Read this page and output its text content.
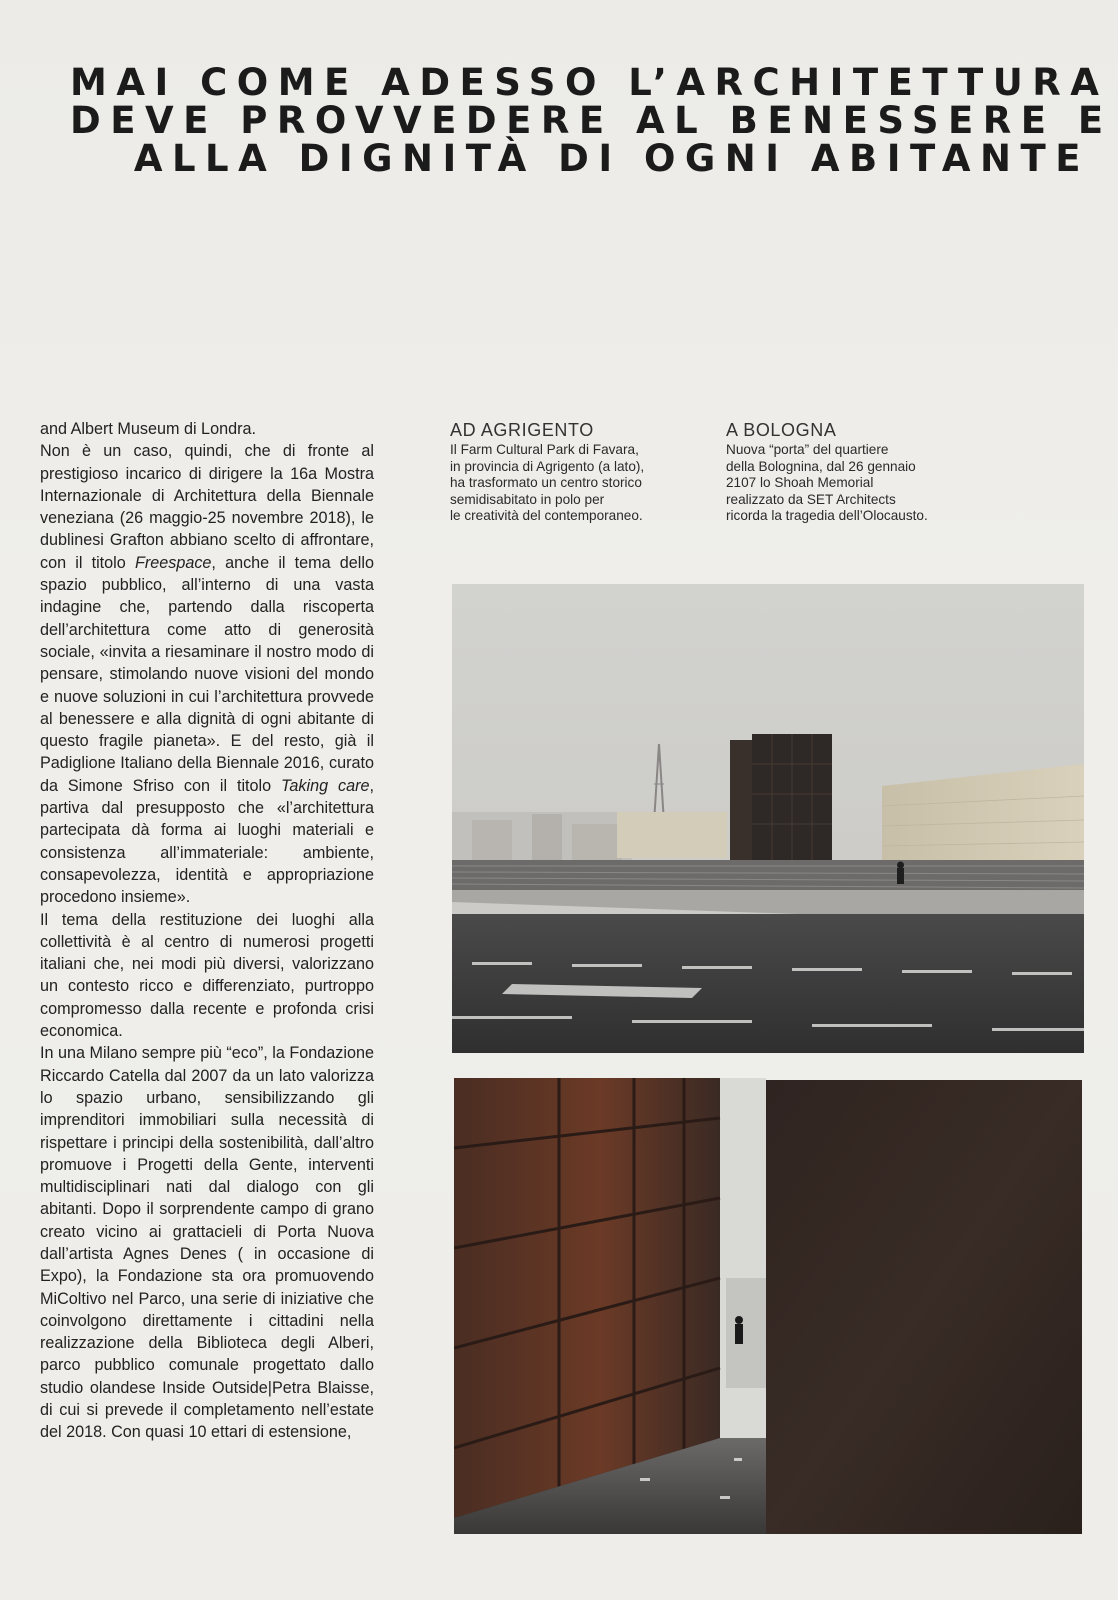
MAI COME ADESSO L’ARCHITETTURA
DEVE PROVVEDERE AL BENESSERE E
ALLA DIGNITÀ DI OGNI ABITANTE

and Albert Museum di Londra.

Non è un caso, quindi, che di fronte al prestigioso incarico di dirigere la 16a Mostra Internazionale di Architettura della Biennale veneziana (26 maggio-25 novembre 2018), le dublinesi Grafton abbiano scelto di affrontare, con il titolo Freespace, anche il tema dello spazio pubblico, all’interno di una vasta indagine che, partendo dalla riscoperta dell’architettura come atto di generosità sociale, «invita a riesaminare il nostro modo di pensare, stimolando nuove visioni del mondo e nuove soluzioni in cui l’architettura provvede al benessere e alla dignità di ogni abitante di questo fragile pianeta». E del resto, già il Padiglione Italiano della Biennale 2016, curato da Simone Sfriso con il titolo Taking care, partiva dal presupposto che «l’architettura partecipata dà forma ai luoghi materiali e consistenza all’immateriale: ambiente, consapevolezza, identità e appropriazione procedono insieme».

Il tema della restituzione dei luoghi alla collettività è al centro di numerosi progetti italiani che, nei modi più diversi, valorizzano un contesto ricco e differenziato, purtroppo compromesso dalla recente e profonda crisi economica.

In una Milano sempre più “eco”, la Fondazione Riccardo Catella dal 2007 da un lato valorizza lo spazio urbano, sensibilizzando gli imprenditori immobiliari sulla necessità di rispettare i principi della sostenibilità, dall’altro promuove i Progetti della Gente, interventi multidisciplinari nati dal dialogo con gli abitanti. Dopo il sorprendente campo di grano creato vicino ai grattacieli di Porta Nuova dall’artista Agnes Denes ( in occasione di Expo), la Fondazione sta ora promuovendo MiColtivo nel Parco, una serie di iniziative che coinvolgono direttamente i cittadini nella realizzazione della Biblioteca degli Alberi, parco pubblico comunale progettato dallo studio olandese Inside Outside|Petra Blaisse, di cui si prevede il completamento nell’estate del 2018. Con quasi 10 ettari di estensione,

AD AGRIGENTO
Il Farm Cultural Park di Favara,
in provincia di Agrigento (a lato),
ha trasformato un centro storico
semidisabitato in polo per
le creatività del contemporaneo.
A BOLOGNA
Nuova “porta” del quartiere
della Bolognina, dal 26 gennaio
2107 lo Shoah Memorial
realizzato da SET Architects
ricorda la tragedia dell’Olocausto.
